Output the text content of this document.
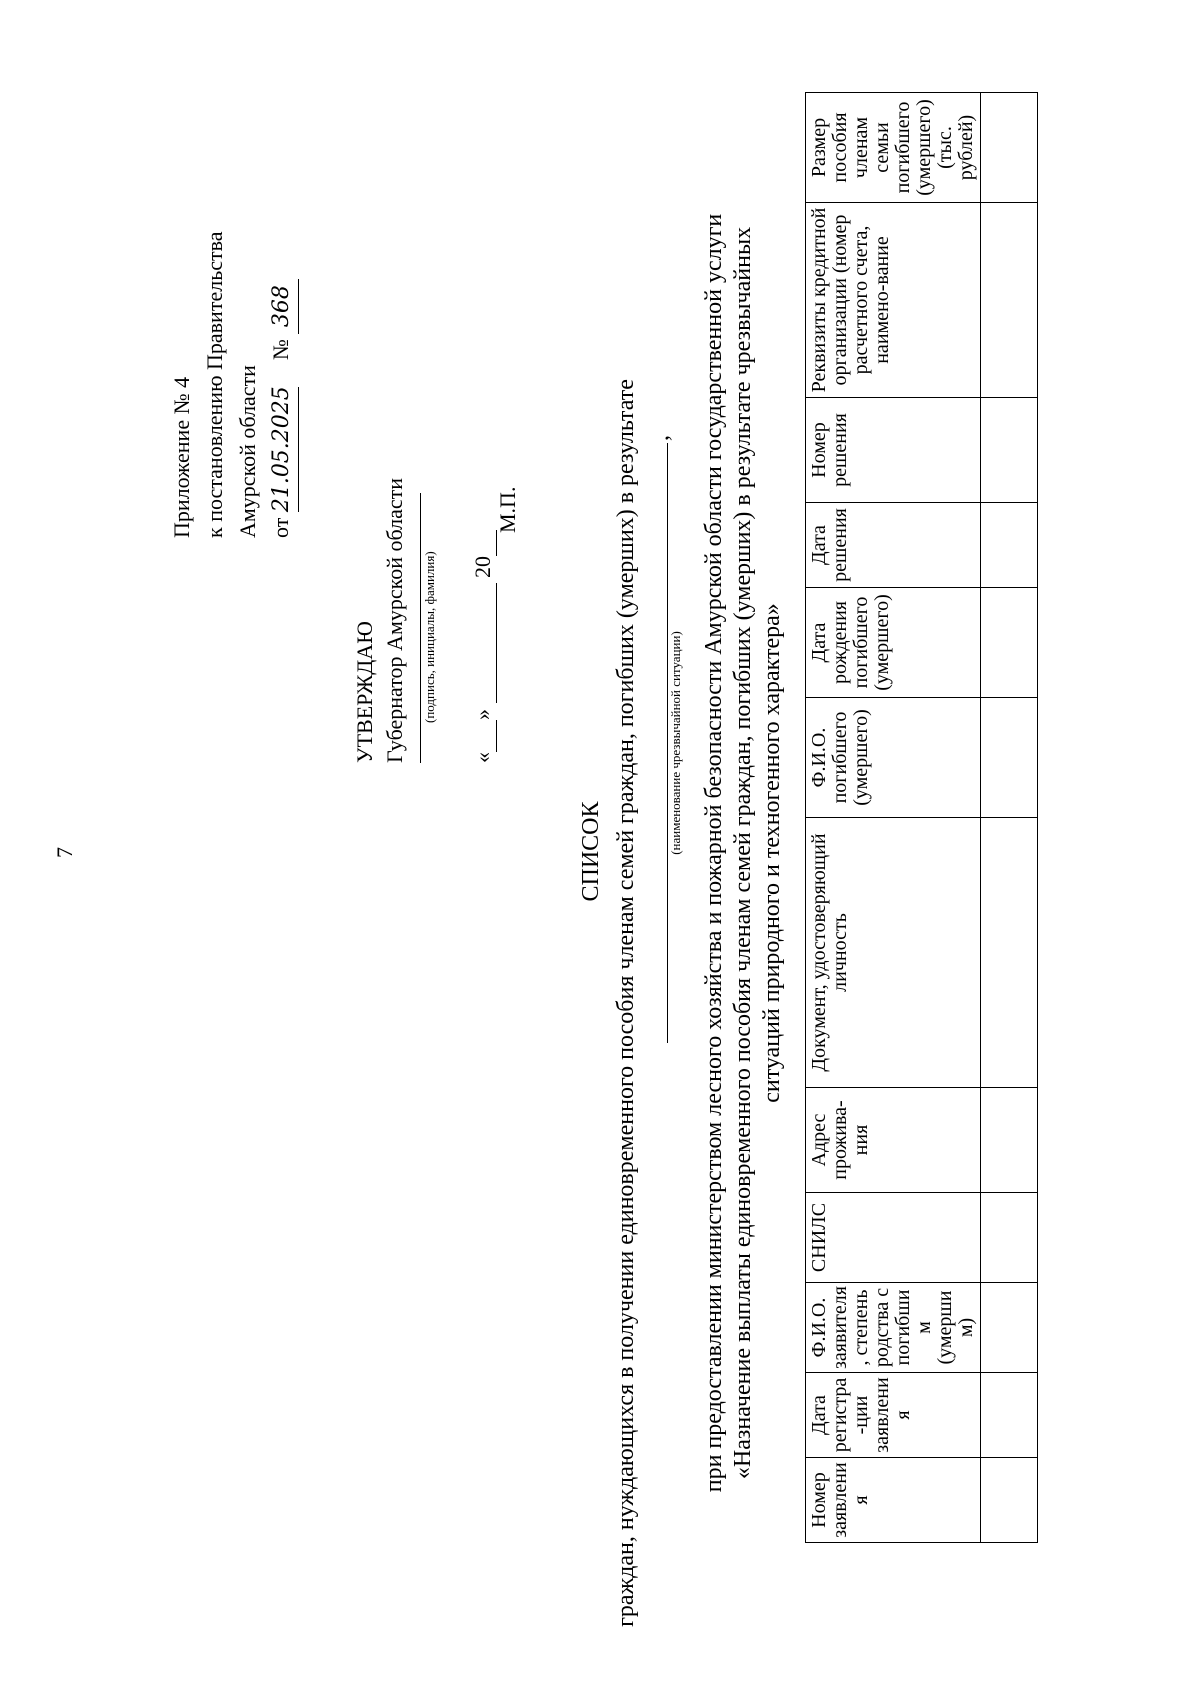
7
Приложение № 4 к постановлению Правительства Амурской области от 21.05.2025  № 368
УТВЕРЖДАЮ Губернатор Амурской области (подпись, инициалы, фамилия)
« »   20
М.П.
СПИСОК граждан, нуждающихся в получении единовременного пособия членам семей граждан, погибших (умерших) в результате ,
(наименование чрезвычайной ситуации) при предоставлении министерством лесного хозяйства и пожарной безопасности Амурской области государственной услуги «Назначение выплаты единовременного пособия членам семей граждан, погибших (умерших) в результате чрезвычайных ситуаций природного и техногенного характера»
Номер заявления	Дата регистра-ции заявления	Ф.И.О. заявителя, степень родства с погибшим (умершим)	СНИЛС	Адрес прожива-ния	Документ, удостоверяющий личность	Ф.И.О. погибшего (умершего)	Дата рождения погибшего (умершего)	Дата решения	Номер решения	Реквизиты кредитной организации (номер расчетного счета, наимено-вание	Размер пособия членам семьи погибшего (умершего) (тыс. рублей)
